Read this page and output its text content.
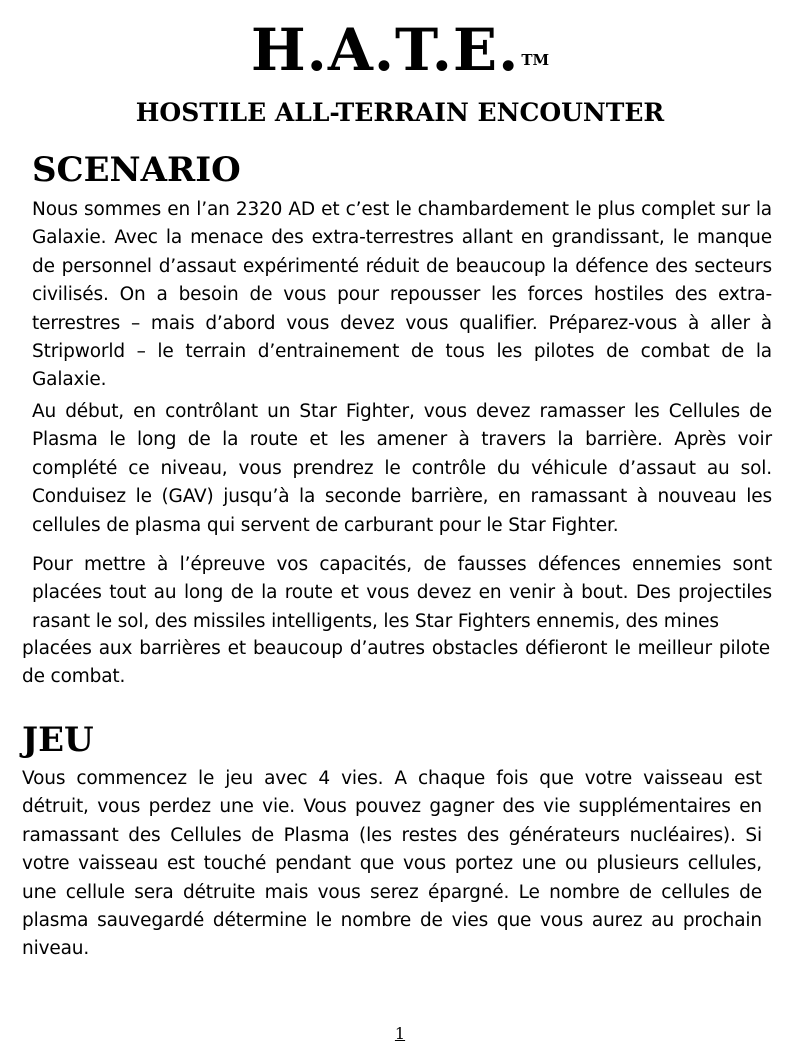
H.A.T.E. ™
HOSTILE ALL-TERRAIN ENCOUNTER
SCENARIO

Nous sommes en l’an 2320 AD et c’est le chambardement le plus complet sur la Galaxie. Avec la menace des extra-terrestres allant en grandissant, le manque de personnel d’assaut expérimenté réduit de beaucoup la défence des secteurs civilisés. On a besoin de vous pour repousser les forces hostiles des extra-terrestres – mais d’abord vous devez vous qualifier. Préparez-vous à aller à Stripworld – le terrain d’entrainement de tous les pilotes de combat de la Galaxie.

Au début, en contrôlant un Star Fighter, vous devez ramasser les Cellules de Plasma le long de la route et les amener à travers la barrière. Après voir complété ce niveau, vous prendrez le contrôle du véhicule d’assaut au sol. Conduisez le (GAV) jusqu’à la seconde barrière, en ramassant à nouveau les cellules de plasma qui servent de carburant pour le Star Fighter.

Pour mettre à l’épreuve vos capacités, de fausses défences ennemies sont placées tout au long de la route et vous devez en venir à bout. Des projectiles rasant le sol, des missiles intelligents, les Star Fighters ennemis, des mines

placées aux barrières et beaucoup d’autres obstacles défieront le meilleur pilote de combat.

JEU

Vous commencez le jeu avec 4 vies. A chaque fois que votre vaisseau est détruit, vous perdez une vie. Vous pouvez gagner des vie supplémentaires en ramassant des Cellules de Plasma (les restes des générateurs nucléaires). Si votre vaisseau est touché pendant que vous portez une ou plusieurs cellules, une cellule sera détruite mais vous serez épargné. Le nombre de cellules de plasma sauvegardé détermine le nombre de vies que vous aurez au prochain niveau.

1
